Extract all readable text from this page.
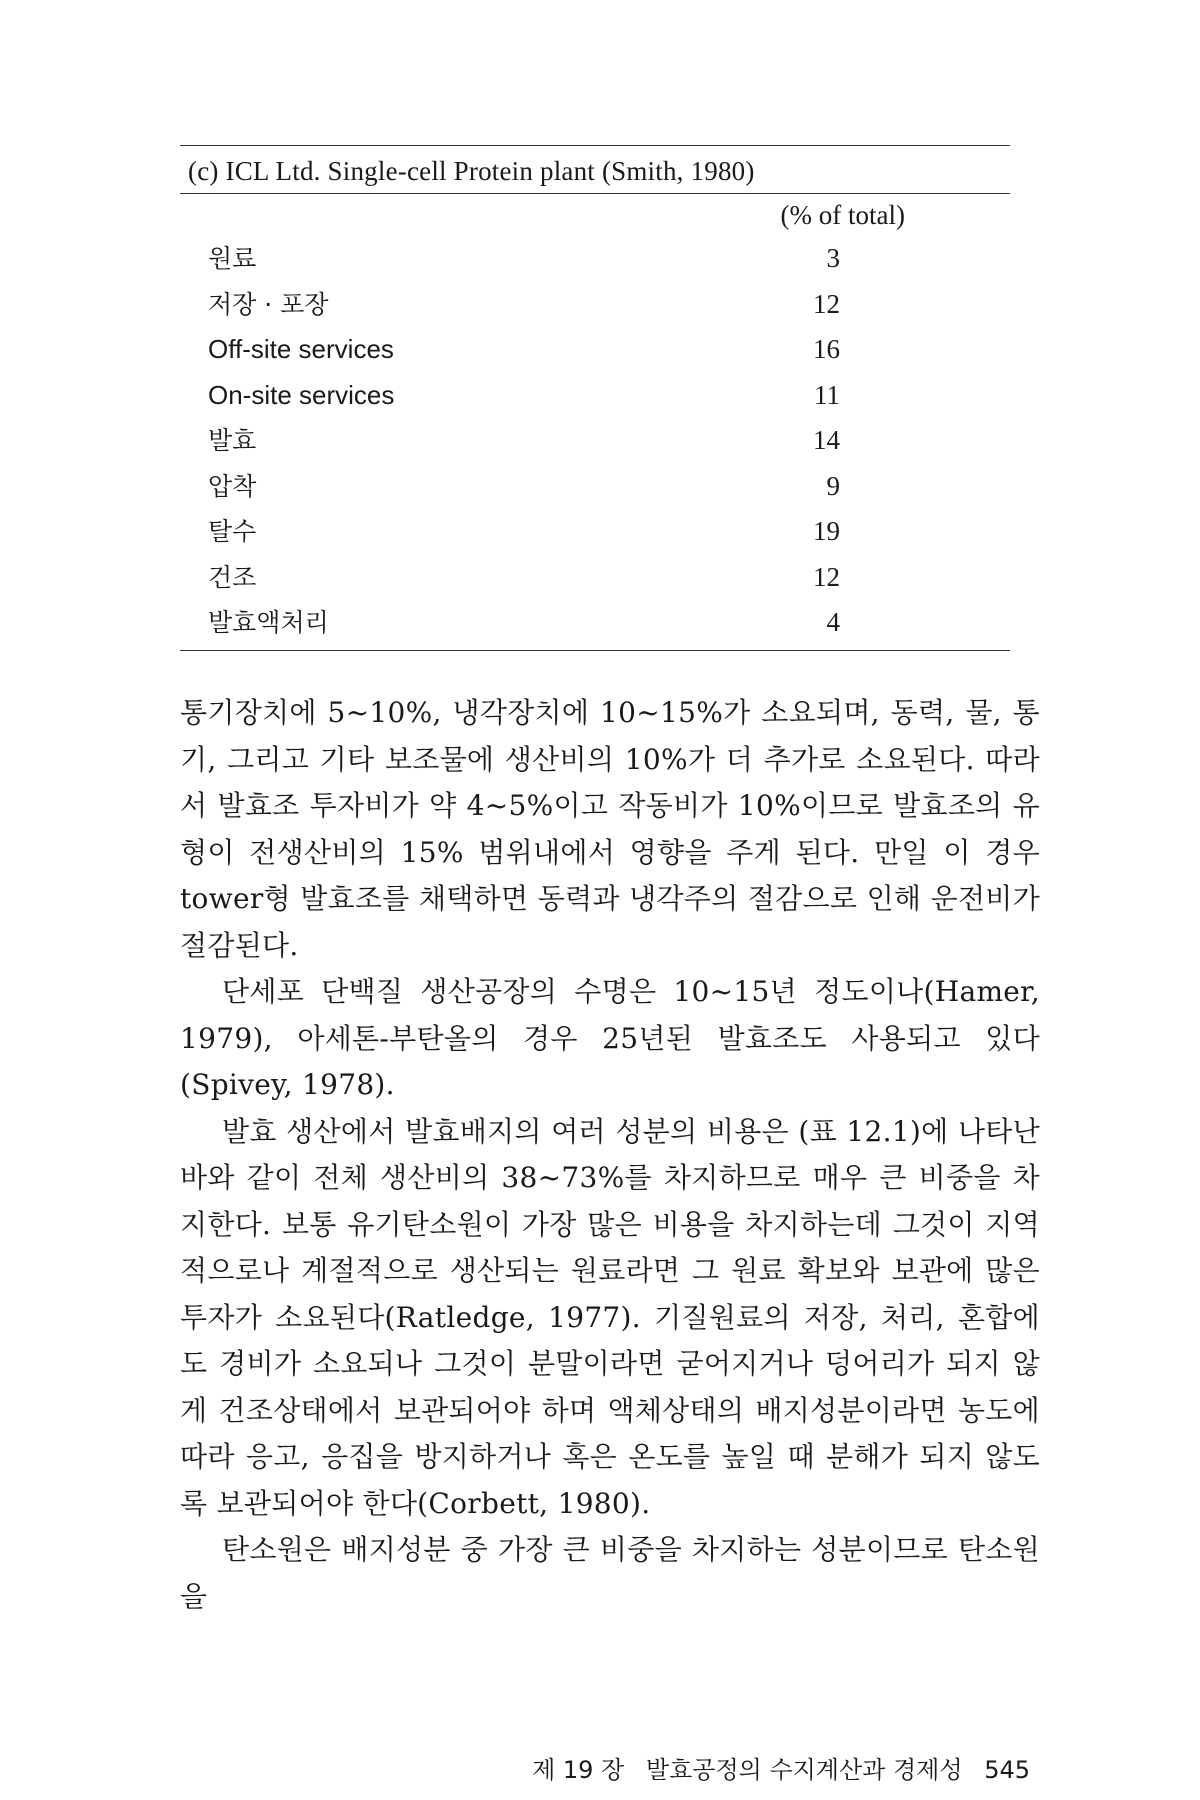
(c) ICL Ltd. Single-cell Protein plant (Smith, 1980)
(% of total)
원료	3
저장 · 포장	12
Off-site services	16
On-site services	11
발효	14
압착	9
탈수	19
건조	12
발효액처리	4

통기장치에 5~10%, 냉각장치에 10~15%가 소요되며, 동력, 물, 통기, 그리고 기타 보조물에 생산비의 10%가 더 추가로 소요된다. 따라서 발효조 투자비가 약 4~5%이고 작동비가 10%이므로 발효조의 유형이 전생산비의 15% 범위내에서 영향을 주게 된다. 만일 이 경우 tower형 발효조를 채택하면 동력과 냉각주의 절감으로 인해 운전비가 절감된다.

단세포 단백질 생산공장의 수명은 10~15년 정도이나(Hamer, 1979), 아세톤-부탄올의 경우 25년된 발효조도 사용되고 있다 (Spivey, 1978).

발효 생산에서 발효배지의 여러 성분의 비용은 (표 12.1)에 나타난 바와 같이 전체 생산비의 38~73%를 차지하므로 매우 큰 비중을 차지한다. 보통 유기탄소원이 가장 많은 비용을 차지하는데 그것이 지역적으로나 계절적으로 생산되는 원료라면 그 원료 확보와 보관에 많은 투자가 소요된다(Ratledge, 1977). 기질원료의 저장, 처리, 혼합에도 경비가 소요되나 그것이 분말이라면 굳어지거나 덩어리가 되지 않게 건조상태에서 보관되어야 하며 액체상태의 배지성분이라면 농도에 따라 응고, 응집을 방지하거나 혹은 온도를 높일 때 분해가 되지 않도록 보관되어야 한다(Corbett, 1980).

탄소원은 배지성분 중 가장 큰 비중을 차지하는 성분이므로 탄소원을

제 19 장 발효공정의 수지계산과 경제성 545
